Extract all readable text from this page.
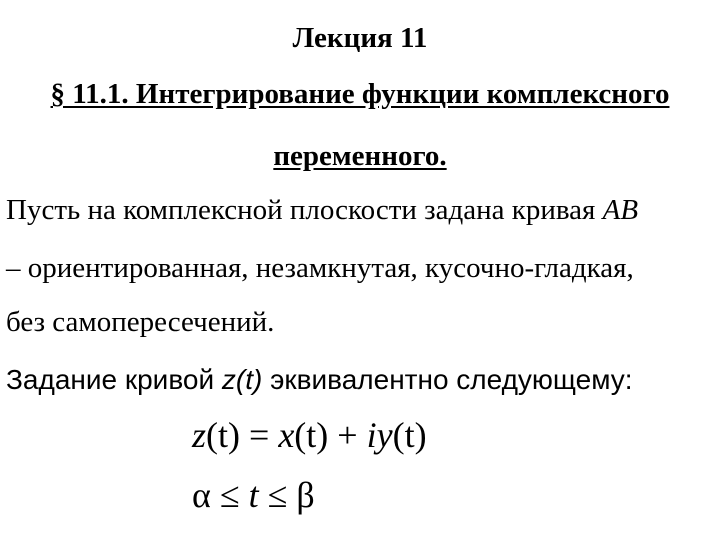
Лекция 11
§ 11.1. Интегрирование функции комплексного
переменного.
Пусть на комплексной плоскости задана кривая AB
– ориентированная, незамкнутая, кусочно-гладкая,
без самопересечений.
Задание кривой z(t) эквивалентно следующему:
z(t) = x(t) + iy(t)
α ≤ t ≤ β
